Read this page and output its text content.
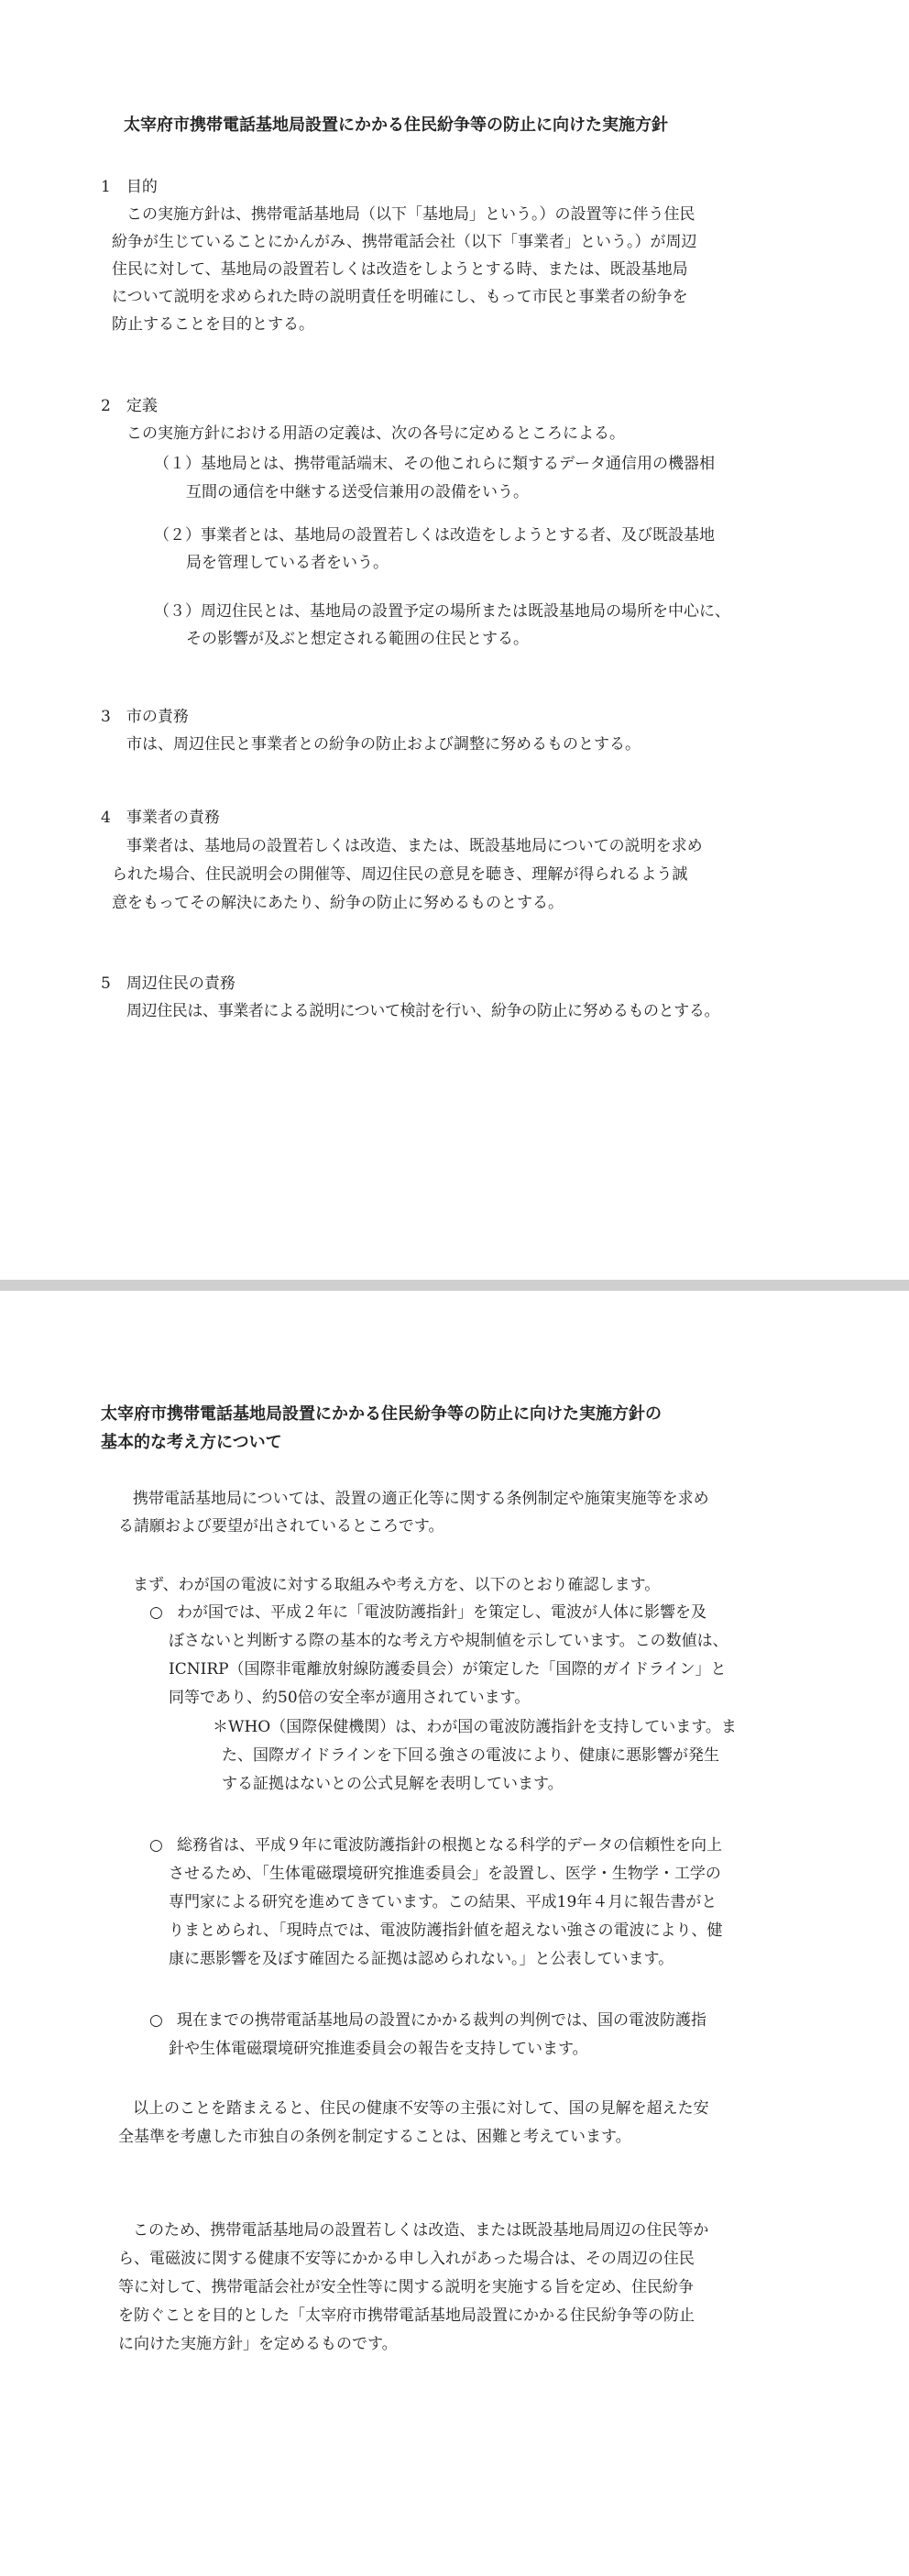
太宰府市携帯電話基地局設置にかかる住民紛争等の防止に向けた実施方針
1　目的
この実施方針は、携帯電話基地局（以下「基地局」という。）の設置等に伴う住民
紛争が生じていることにかんがみ、携帯電話会社（以下「事業者」という。）が周辺
住民に対して、基地局の設置若しくは改造をしようとする時、または、既設基地局
について説明を求められた時の説明責任を明確にし、もって市民と事業者の紛争を
防止することを目的とする。
2　定義
この実施方針における用語の定義は、次の各号に定めるところによる。
（１）基地局とは、携帯電話端末、その他これらに類するデータ通信用の機器相
互間の通信を中継する送受信兼用の設備をいう。
（２）事業者とは、基地局の設置若しくは改造をしようとする者、及び既設基地
局を管理している者をいう。
（３）周辺住民とは、基地局の設置予定の場所または既設基地局の場所を中心に、
その影響が及ぶと想定される範囲の住民とする。
3　市の責務
市は、周辺住民と事業者との紛争の防止および調整に努めるものとする。
4　事業者の責務
事業者は、基地局の設置若しくは改造、または、既設基地局についての説明を求め
られた場合、住民説明会の開催等、周辺住民の意見を聴き、理解が得られるよう誠
意をもってその解決にあたり、紛争の防止に努めるものとする。
5　周辺住民の責務
周辺住民は、事業者による説明について検討を行い、紛争の防止に努めるものとする。
太宰府市携帯電話基地局設置にかかる住民紛争等の防止に向けた実施方針の
基本的な考え方について
携帯電話基地局については、設置の適正化等に関する条例制定や施策実施等を求め
る請願および要望が出されているところです。
まず、わが国の電波に対する取組みや考え方を、以下のとおり確認します。
○ わが国では、平成２年に「電波防護指針」を策定し、電波が人体に影響を及
ぼさないと判断する際の基本的な考え方や規制値を示しています。この数値は、
ICNIRP（国際非電離放射線防護委員会）が策定した「国際的ガイドライン」と
同等であり、約50倍の安全率が適用されています。
＊WHO（国際保健機関）は、わが国の電波防護指針を支持しています。ま
た、国際ガイドラインを下回る強さの電波により、健康に悪影響が発生
する証拠はないとの公式見解を表明しています。
○ 総務省は、平成９年に電波防護指針の根拠となる科学的データの信頼性を向上
させるため、「生体電磁環境研究推進委員会」を設置し、医学・生物学・工学の
専門家による研究を進めてきています。この結果、平成19年４月に報告書がと
りまとめられ、「現時点では、電波防護指針値を超えない強さの電波により、健
康に悪影響を及ぼす確固たる証拠は認められない。」と公表しています。
○ 現在までの携帯電話基地局の設置にかかる裁判の判例では、国の電波防護指
針や生体電磁環境研究推進委員会の報告を支持しています。
以上のことを踏まえると、住民の健康不安等の主張に対して、国の見解を超えた安
全基準を考慮した市独自の条例を制定することは、困難と考えています。
このため、携帯電話基地局の設置若しくは改造、または既設基地局周辺の住民等か
ら、電磁波に関する健康不安等にかかる申し入れがあった場合は、その周辺の住民
等に対して、携帯電話会社が安全性等に関する説明を実施する旨を定め、住民紛争
を防ぐことを目的とした「太宰府市携帯電話基地局設置にかかる住民紛争等の防止
に向けた実施方針」を定めるものです。
